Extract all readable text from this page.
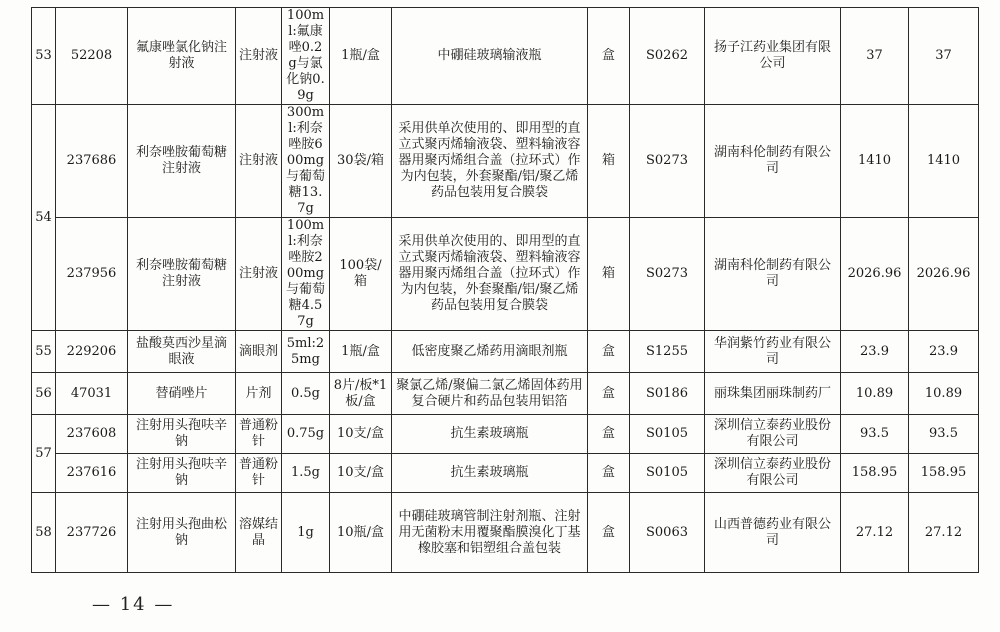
53	52208	氟康唑氯化钠注射液	注射液	100ml:氟康唑0.2g与氯化钠0.9g	1瓶/盒	中硼硅玻璃输液瓶	盒	S0262	扬子江药业集团有限公司	37	37
54	237686	利奈唑胺葡萄糖注射液	注射液	300ml:利奈唑胺600mg与葡萄糖13.7g	30袋/箱	采用供单次使用的、即用型的直立式聚丙烯输液袋、塑料输液容器用聚丙烯组合盖（拉环式）作为内包装，外套聚酯/铝/聚乙烯药品包装用复合膜袋	箱	S0273	湖南科伦制药有限公司	1410	1410
	237956	利奈唑胺葡萄糖注射液	注射液	100ml:利奈唑胺200mg与葡萄糖4.57g	100袋/箱	采用供单次使用的、即用型的直立式聚丙烯输液袋、塑料输液容器用聚丙烯组合盖（拉环式）作为内包装，外套聚酯/铝/聚乙烯药品包装用复合膜袋	箱	S0273	湖南科伦制药有限公司	2026.96	2026.96
55	229206	盐酸莫西沙星滴眼液	滴眼剂	5ml:25mg	1瓶/盒	低密度聚乙烯药用滴眼剂瓶	盒	S1255	华润紫竹药业有限公司	23.9	23.9
56	47031	替硝唑片	片剂	0.5g	8片/板*1板/盒	聚氯乙烯/聚偏二氯乙烯固体药用复合硬片和药品包装用铝箔	盒	S0186	丽珠集团丽珠制药厂	10.89	10.89
57	237608	注射用头孢呋辛钠	普通粉针	0.75g	10支/盒	抗生素玻璃瓶	盒	S0105	深圳信立泰药业股份有限公司	93.5	93.5
	237616	注射用头孢呋辛钠	普通粉针	1.5g	10支/盒	抗生素玻璃瓶	盒	S0105	深圳信立泰药业股份有限公司	158.95	158.95
58	237726	注射用头孢曲松钠	溶媒结晶	1g	10瓶/盒	中硼硅玻璃管制注射剂瓶、注射用无菌粉末用覆聚酯膜溴化丁基橡胶塞和铝塑组合盖包装	盒	S0063	山西普德药业有限公司	27.12	27.12
— 14 —
